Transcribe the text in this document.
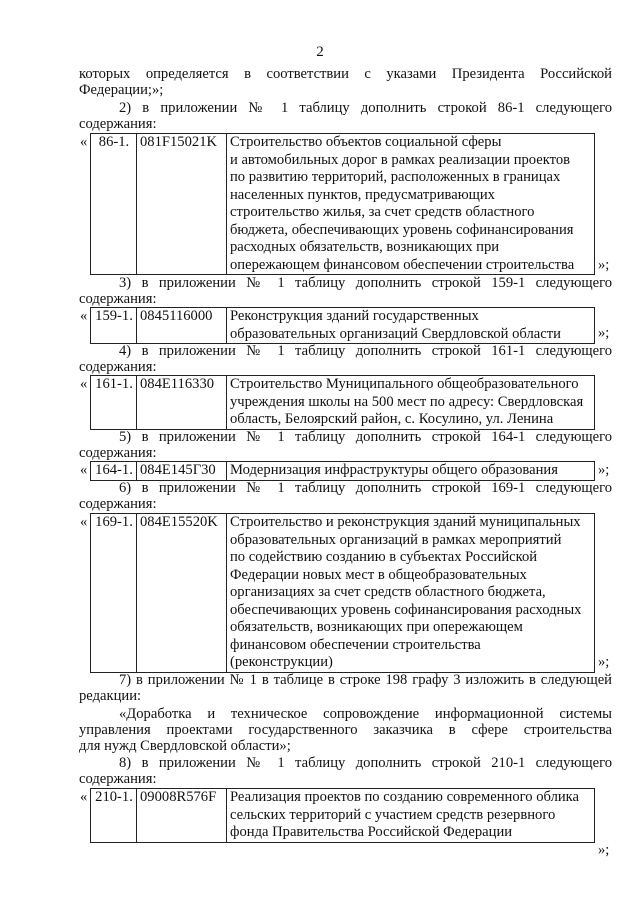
2
которых определяется в соответствии с указами Президента Российской
Федерации;»;
2) в приложении № 1 таблицу дополнить строкой 86-1 следующего
содержания:
« 86-1.	081F15021K	Строительство объектов социальной сферы
и автомобильных дорог в рамках реализации проектов
по развитию территорий, расположенных в границах
населенных пунктов, предусматривающих
строительство жилья, за счет средств областного
бюджета, обеспечивающих уровень софинансирования
расходных обязательств, возникающих при
опережающем финансовом обеспечении строительства	»;
3) в приложении № 1 таблицу дополнить строкой 159-1 следующего
содержания:
« 159-1.	0845116000	Реконструкция зданий государственных
образовательных организаций Свердловской области	»;
4) в приложении № 1 таблицу дополнить строкой 161-1 следующего
содержания:
« 161-1.	084E116330	Строительство Муниципального общеобразовательного
учреждения школы на 500 мест по адресу: Свердловская
область, Белоярский район, с. Косулино, ул. Ленина
5) в приложении № 1 таблицу дополнить строкой 164-1 следующего
содержания:
« 164-1.	084E145Г30	Модернизация инфраструктуры общего образования	»;
6) в приложении № 1 таблицу дополнить строкой 169-1 следующего
содержания:
« 169-1.	084E15520K	Строительство и реконструкция зданий муниципальных
образовательных организаций в рамках мероприятий
по содействию созданию в субъектах Российской
Федерации новых мест в общеобразовательных
организациях за счет средств областного бюджета,
обеспечивающих уровень софинансирования расходных
обязательств, возникающих при опережающем
финансовом обеспечении строительства
(реконструкции)	»;
7) в приложении № 1 в таблице в строке 198 графу 3 изложить в следующей
редакции:
«Доработка и техническое сопровождение информационной системы
управления проектами государственного заказчика в сфере строительства
для нужд Свердловской области»;
8) в приложении № 1 таблицу дополнить строкой 210-1 следующего
содержания:
« 210-1.	09008R576F	Реализация проектов по созданию современного облика
сельских территорий с участием средств резервного
фонда Правительства Российской Федерации
»;
